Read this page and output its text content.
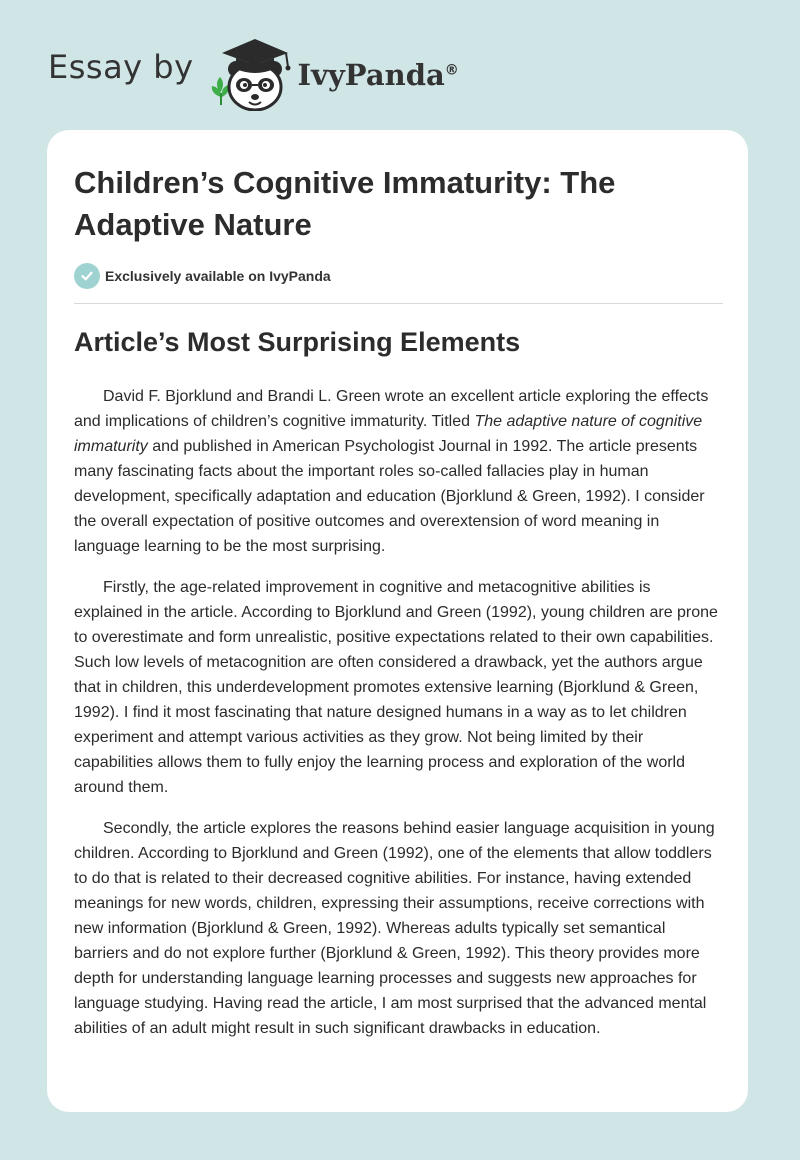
Essay by	IvyPanda®
Children’s Cognitive Immaturity: The Adaptive Nature
Exclusively available on IvyPanda
Article’s Most Surprising Elements

David F. Bjorklund and Brandi L. Green wrote an excellent article exploring the effects and implications of children’s cognitive immaturity. Titled The adaptive nature of cognitive immaturity and published in American Psychologist Journal in 1992. The article presents many fascinating facts about the important roles so-called fallacies play in human development, specifically adaptation and education (Bjorklund & Green, 1992). I consider the overall expectation of positive outcomes and overextension of word meaning in language learning to be the most surprising.

Firstly, the age-related improvement in cognitive and metacognitive abilities is explained in the article. According to Bjorklund and Green (1992), young children are prone to overestimate and form unrealistic, positive expectations related to their own capabilities. Such low levels of metacognition are often considered a drawback, yet the authors argue that in children, this underdevelopment promotes extensive learning (Bjorklund & Green, 1992). I find it most fascinating that nature designed humans in a way as to let children experiment and attempt various activities as they grow. Not being limited by their capabilities allows them to fully enjoy the learning process and exploration of the world around them.

Secondly, the article explores the reasons behind easier language acquisition in young children. According to Bjorklund and Green (1992), one of the elements that allow toddlers to do that is related to their decreased cognitive abilities. For instance, having extended meanings for new words, children, expressing their assumptions, receive corrections with new information (Bjorklund & Green, 1992). Whereas adults typically set semantical barriers and do not explore further (Bjorklund & Green, 1992). This theory provides more depth for understanding language learning processes and suggests new approaches for language studying. Having read the article, I am most surprised that the advanced mental abilities of an adult might result in such significant drawbacks in education.
